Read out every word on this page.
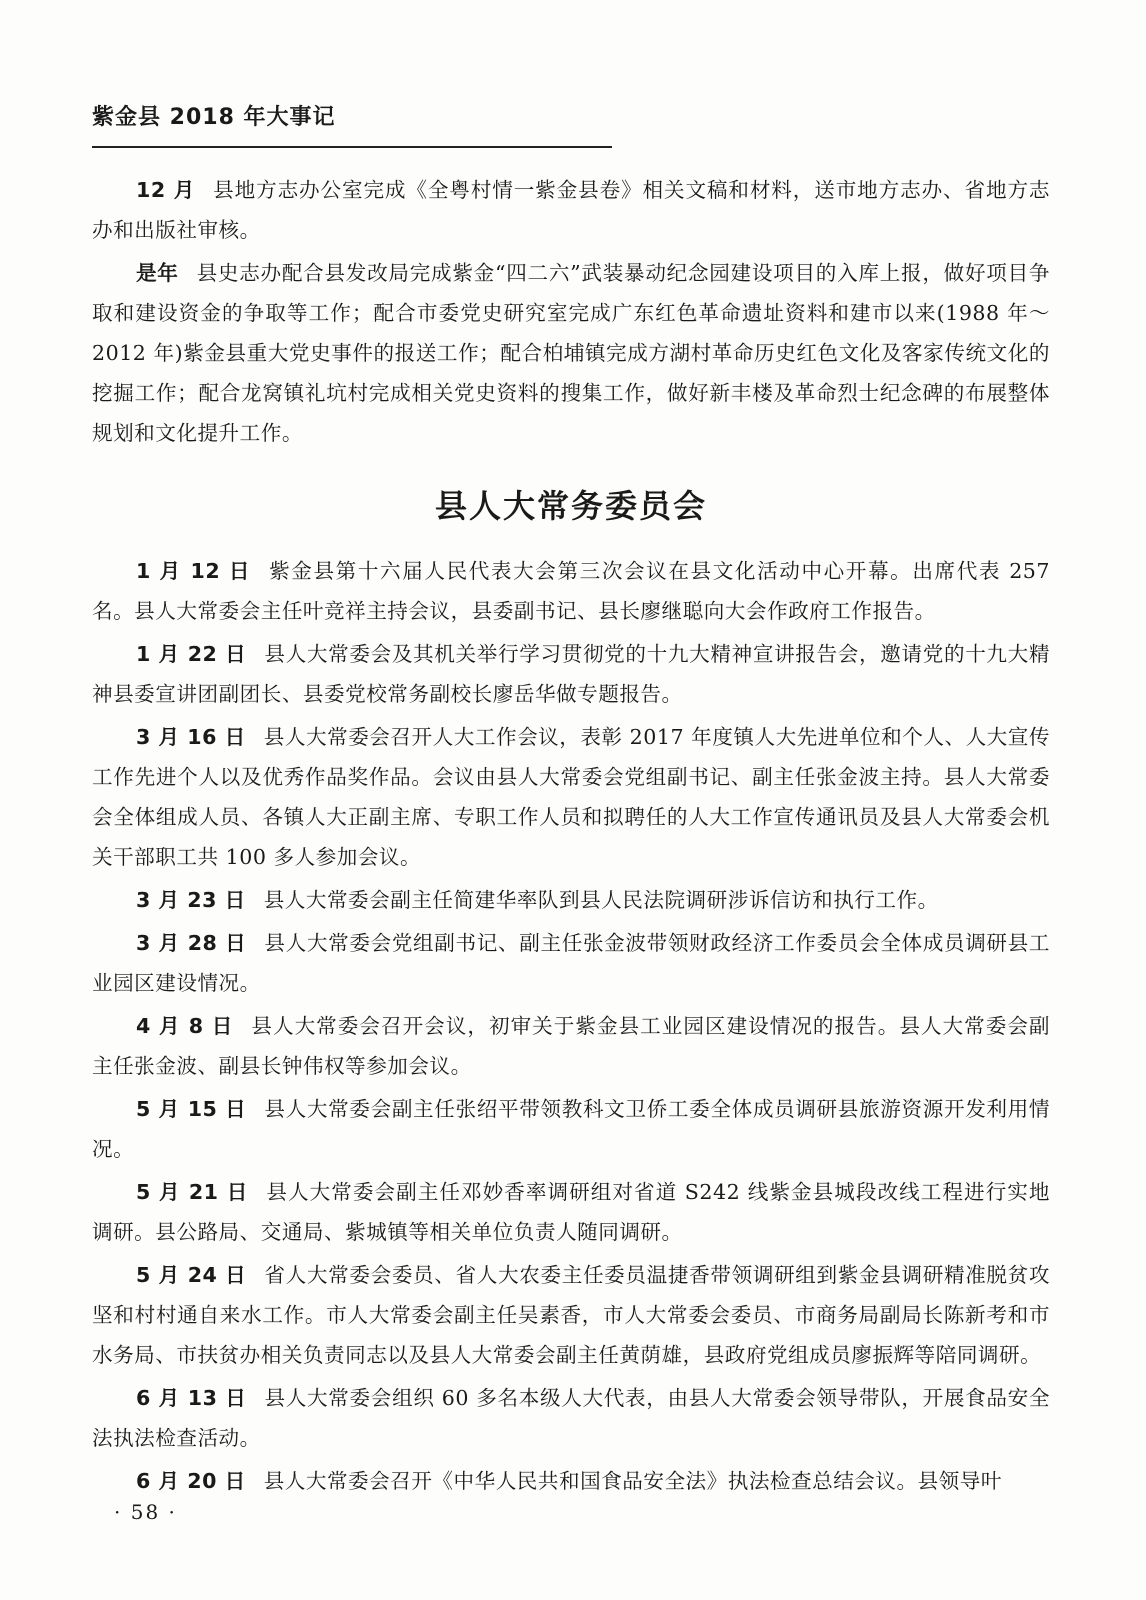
紫金县 2018 年大事记

12 月 县地方志办公室完成《全粤村情一紫金县卷》相关文稿和材料，送市地方志办、省地方志办和出版社审核。

是年 县史志办配合县发改局完成紫金“四二六”武装暴动纪念园建设项目的入库上报，做好项目争取和建设资金的争取等工作；配合市委党史研究室完成广东红色革命遗址资料和建市以来(1988 年～2012 年)紫金县重大党史事件的报送工作；配合柏埔镇完成方湖村革命历史红色文化及客家传统文化的挖掘工作；配合龙窝镇礼坑村完成相关党史资料的搜集工作，做好新丰楼及革命烈士纪念碑的布展整体规划和文化提升工作。

县人大常务委员会

1 月 12 日 紫金县第十六届人民代表大会第三次会议在县文化活动中心开幕。出席代表 257 名。县人大常委会主任叶竞祥主持会议，县委副书记、县长廖继聪向大会作政府工作报告。

1 月 22 日 县人大常委会及其机关举行学习贯彻党的十九大精神宣讲报告会，邀请党的十九大精神县委宣讲团副团长、县委党校常务副校长廖岳华做专题报告。

3 月 16 日 县人大常委会召开人大工作会议，表彰 2017 年度镇人大先进单位和个人、人大宣传工作先进个人以及优秀作品奖作品。会议由县人大常委会党组副书记、副主任张金波主持。县人大常委会全体组成人员、各镇人大正副主席、专职工作人员和拟聘任的人大工作宣传通讯员及县人大常委会机关干部职工共 100 多人参加会议。

3 月 23 日 县人大常委会副主任简建华率队到县人民法院调研涉诉信访和执行工作。

3 月 28 日 县人大常委会党组副书记、副主任张金波带领财政经济工作委员会全体成员调研县工业园区建设情况。

4 月 8 日 县人大常委会召开会议，初审关于紫金县工业园区建设情况的报告。县人大常委会副主任张金波、副县长钟伟权等参加会议。

5 月 15 日 县人大常委会副主任张绍平带领教科文卫侨工委全体成员调研县旅游资源开发利用情况。

5 月 21 日 县人大常委会副主任邓妙香率调研组对省道 S242 线紫金县城段改线工程进行实地调研。县公路局、交通局、紫城镇等相关单位负责人随同调研。

5 月 24 日 省人大常委会委员、省人大农委主任委员温捷香带领调研组到紫金县调研精准脱贫攻坚和村村通自来水工作。市人大常委会副主任吴素香，市人大常委会委员、市商务局副局长陈新考和市水务局、市扶贫办相关负责同志以及县人大常委会副主任黄荫雄，县政府党组成员廖振辉等陪同调研。

6 月 13 日 县人大常委会组织 60 多名本级人大代表，由县人大常委会领导带队，开展食品安全法执法检查活动。

6 月 20 日 县人大常委会召开《中华人民共和国食品安全法》执法检查总结会议。县领导叶

· 58 ·
